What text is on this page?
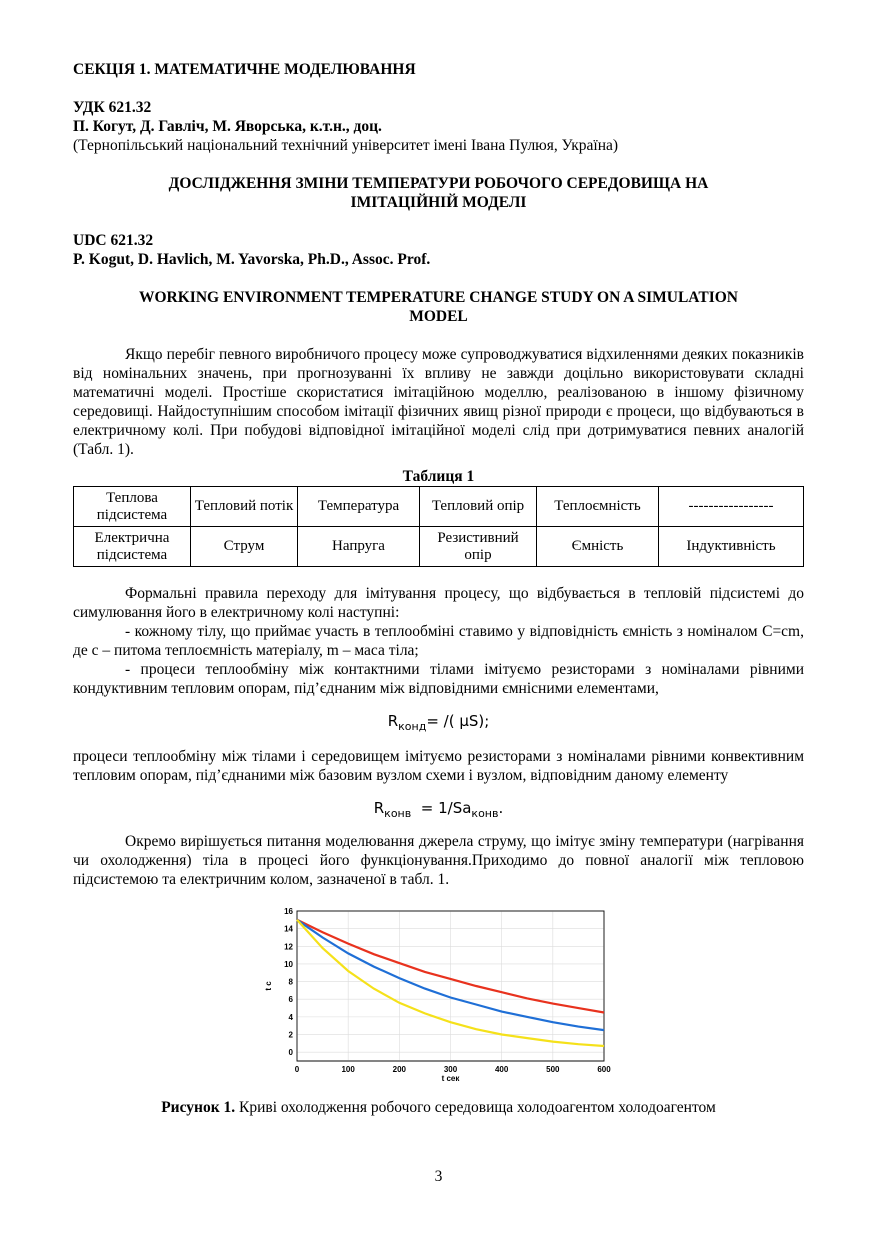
СЕКЦІЯ 1. МАТЕМАТИЧНЕ МОДЕЛЮВАННЯ

УДК 621.32

П. Когут, Д. Гавліч, М. Яворська, к.т.н., доц.

(Тернопільський національний технічний університет імені Івана Пулюя, Україна)

ДОСЛІДЖЕННЯ ЗМІНИ ТЕМПЕРАТУРИ РОБОЧОГО СЕРЕДОВИЩА НА

ІМІТАЦІЙНІЙ МОДЕЛІ

UDC 621.32

P. Kogut, D. Havlich, M. Yavorska, Ph.D., Assoc. Prof.

WORKING ENVIRONMENT TEMPERATURE CHANGE STUDY ON A SIMULATION

MODEL

Якщо перебіг певного виробничого процесу може супроводжуватися відхиленнями деяких показників від номінальних значень, при прогнозуванні їх впливу не завжди доцільно використовувати складні математичні моделі. Простіше скористатися імітаційною моделлю, реалізованою в іншому фізичному середовищі. Найдоступнішим способом імітації фізичних явищ різної природи є процеси, що відбуваються в електричному колі. При побудові відповідної імітаційної моделі слід при дотримуватися певних аналогій (Табл. 1).

Таблиця 1

Теплова підсистема	Тепловий потік	Температура	Тепловий опір	Теплоємність	-----------------
Електрична підсистема	Струм	Напруга	Резистивний опір	Ємність	Індуктивність

Формальні правила переходу для імітування процесу, що відбувається в тепловій підсистемі до симулювання його в електричному колі наступні:

- кожному тілу, що приймає участь в теплообміні ставимо у відповідність ємність з номіналом С=cm, де c – питома теплоємність матеріалу, m – маса тіла;

- процеси теплообміну між контактними тілами імітуємо резисторами з номіналами рівними кондуктивним тепловим опорам, під’єднаним між відповідними ємнісними елементами,

$R_{конд}=$ /( μS);

процеси теплообміну між тілами і середовищем імітуємо резисторами з номіналами рівними конвективним тепловим опорам, під’єднаними між базовим вузлом схеми і вузлом, відповідним даному елементу

$R_{конв} = 1/Sa_{конв}$.

Окремо вирішується питання моделювання джерела струму, що імітує зміну температури (нагрівання чи охолодження) тіла в процесі його функціонування.Приходимо до повної аналогії між тепловою підсистемою та електричним колом, зазначеної в табл. 1.

0	100	200	300	400	500	600
0
2
4
6
8
10
12
14
16
t сек
t c

Рисунок 1. Криві охолодження робочого середовища холодоагентом холодоагентом

3
